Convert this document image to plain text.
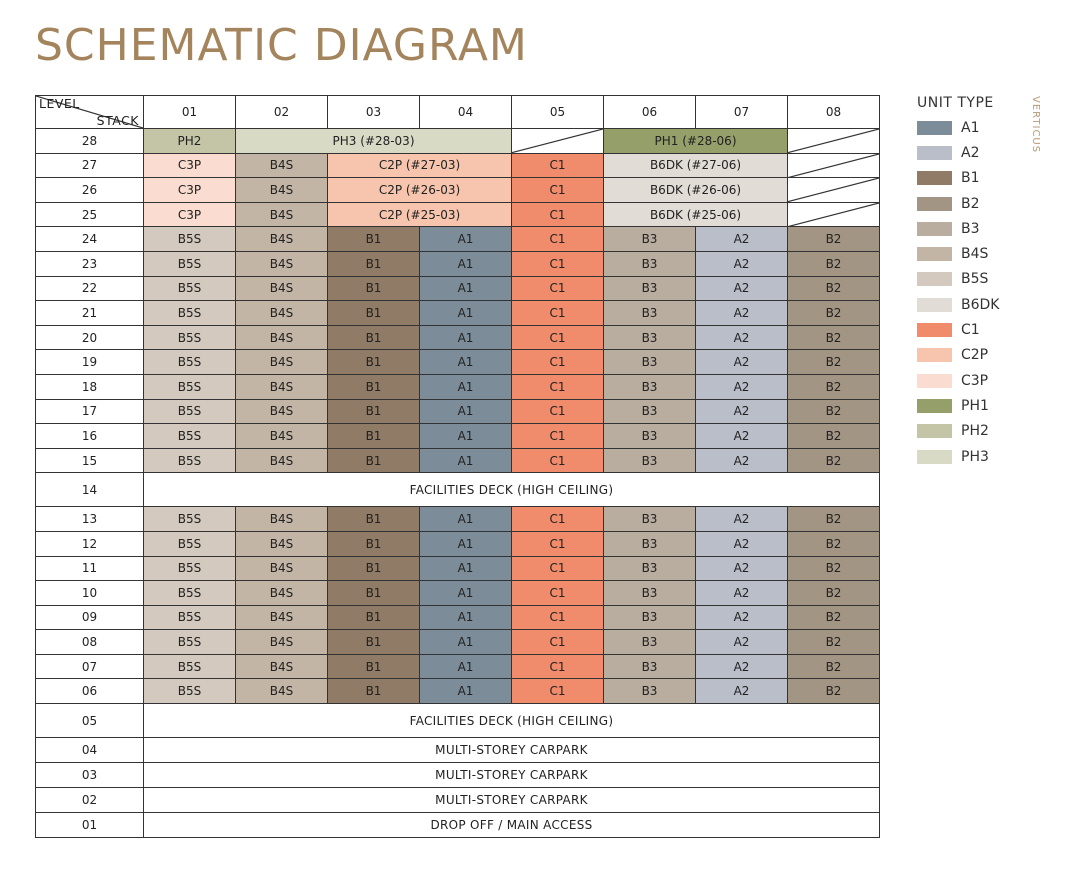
SCHEMATIC DIAGRAM
VERTICUS
LEVEL
STACK	01	02	03	04	05	06	07	08
28	PH2	PH3 (#28-03)				PH1 (#28-06)	

27	C3P	B4S	C2P (#27-03)		C1	B6DK (#27-06)	

26	C3P	B4S	C2P (#26-03)		C1	B6DK (#26-06)	

25	C3P	B4S	C2P (#25-03)		C1	B6DK (#25-06)	

24	B5S	B4S	B1	A1	C1	B3	A2	B2
23	B5S	B4S	B1	A1	C1	B3	A2	B2
22	B5S	B4S	B1	A1	C1	B3	A2	B2
21	B5S	B4S	B1	A1	C1	B3	A2	B2
20	B5S	B4S	B1	A1	C1	B3	A2	B2
19	B5S	B4S	B1	A1	C1	B3	A2	B2
18	B5S	B4S	B1	A1	C1	B3	A2	B2
17	B5S	B4S	B1	A1	C1	B3	A2	B2
16	B5S	B4S	B1	A1	C1	B3	A2	B2
15	B5S	B4S	B1	A1	C1	B3	A2	B2
14	FACILITIES DECK (HIGH CEILING)							
13	B5S	B4S	B1	A1	C1	B3	A2	B2
12	B5S	B4S	B1	A1	C1	B3	A2	B2
11	B5S	B4S	B1	A1	C1	B3	A2	B2
10	B5S	B4S	B1	A1	C1	B3	A2	B2
09	B5S	B4S	B1	A1	C1	B3	A2	B2
08	B5S	B4S	B1	A1	C1	B3	A2	B2
07	B5S	B4S	B1	A1	C1	B3	A2	B2
06	B5S	B4S	B1	A1	C1	B3	A2	B2
05	FACILITIES DECK (HIGH CEILING)							
04	MULTI-STOREY CARPARK							
03	MULTI-STOREY CARPARK							
02	MULTI-STOREY CARPARK							
01	DROP OFF / MAIN ACCESS							
UNIT TYPE
A1
A2
B1
B2
B3
B4S
B5S
B6DK
C1
C2P
C3P
PH1
PH2
PH3
